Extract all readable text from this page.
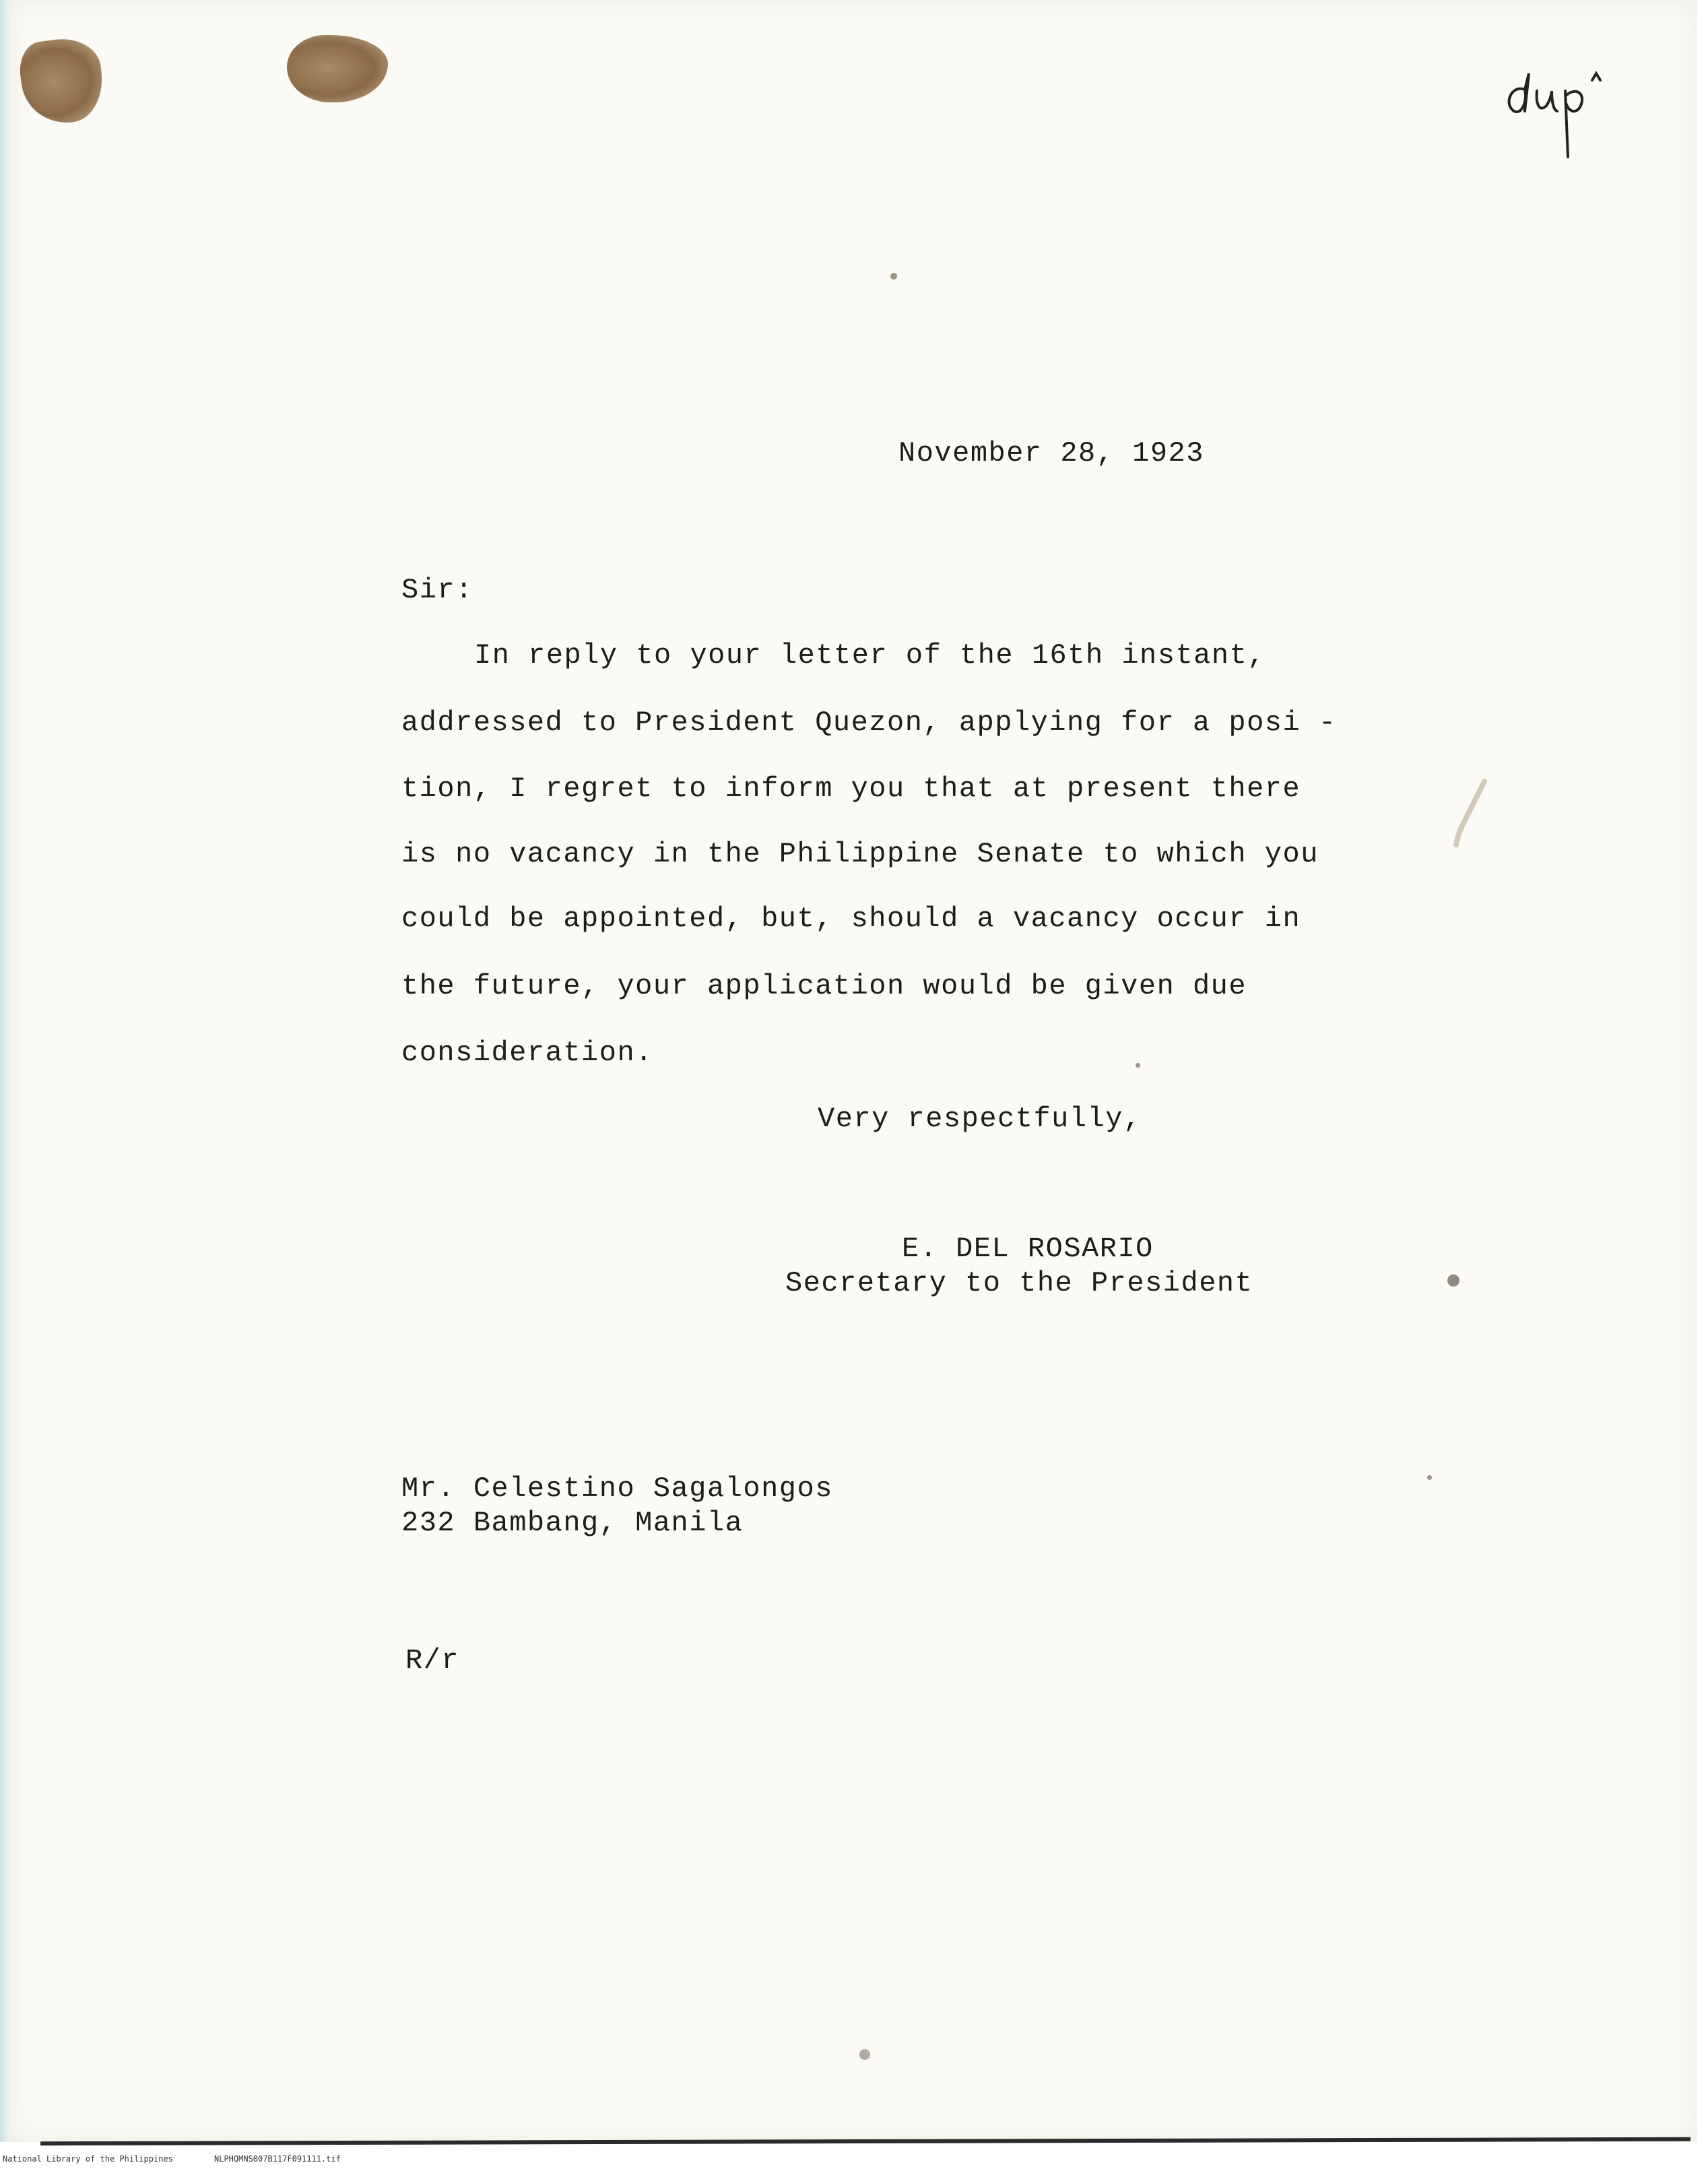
November 28, 1923
Sir:
In reply to your letter of the 16th instant,
addressed to President Quezon, applying for a posi -
tion, I regret to inform you that at present there
is no vacancy in the Philippine Senate to which you
could be appointed, but, should a vacancy occur in
the future, your application would be given due
consideration.
Very respectfully,
E. DEL ROSARIO
Secretary to the President
Mr. Celestino Sagalongos
232 Bambang, Manila
R/r
National Library of the Philippines	NLPHQMNS007B117F091111.tif
